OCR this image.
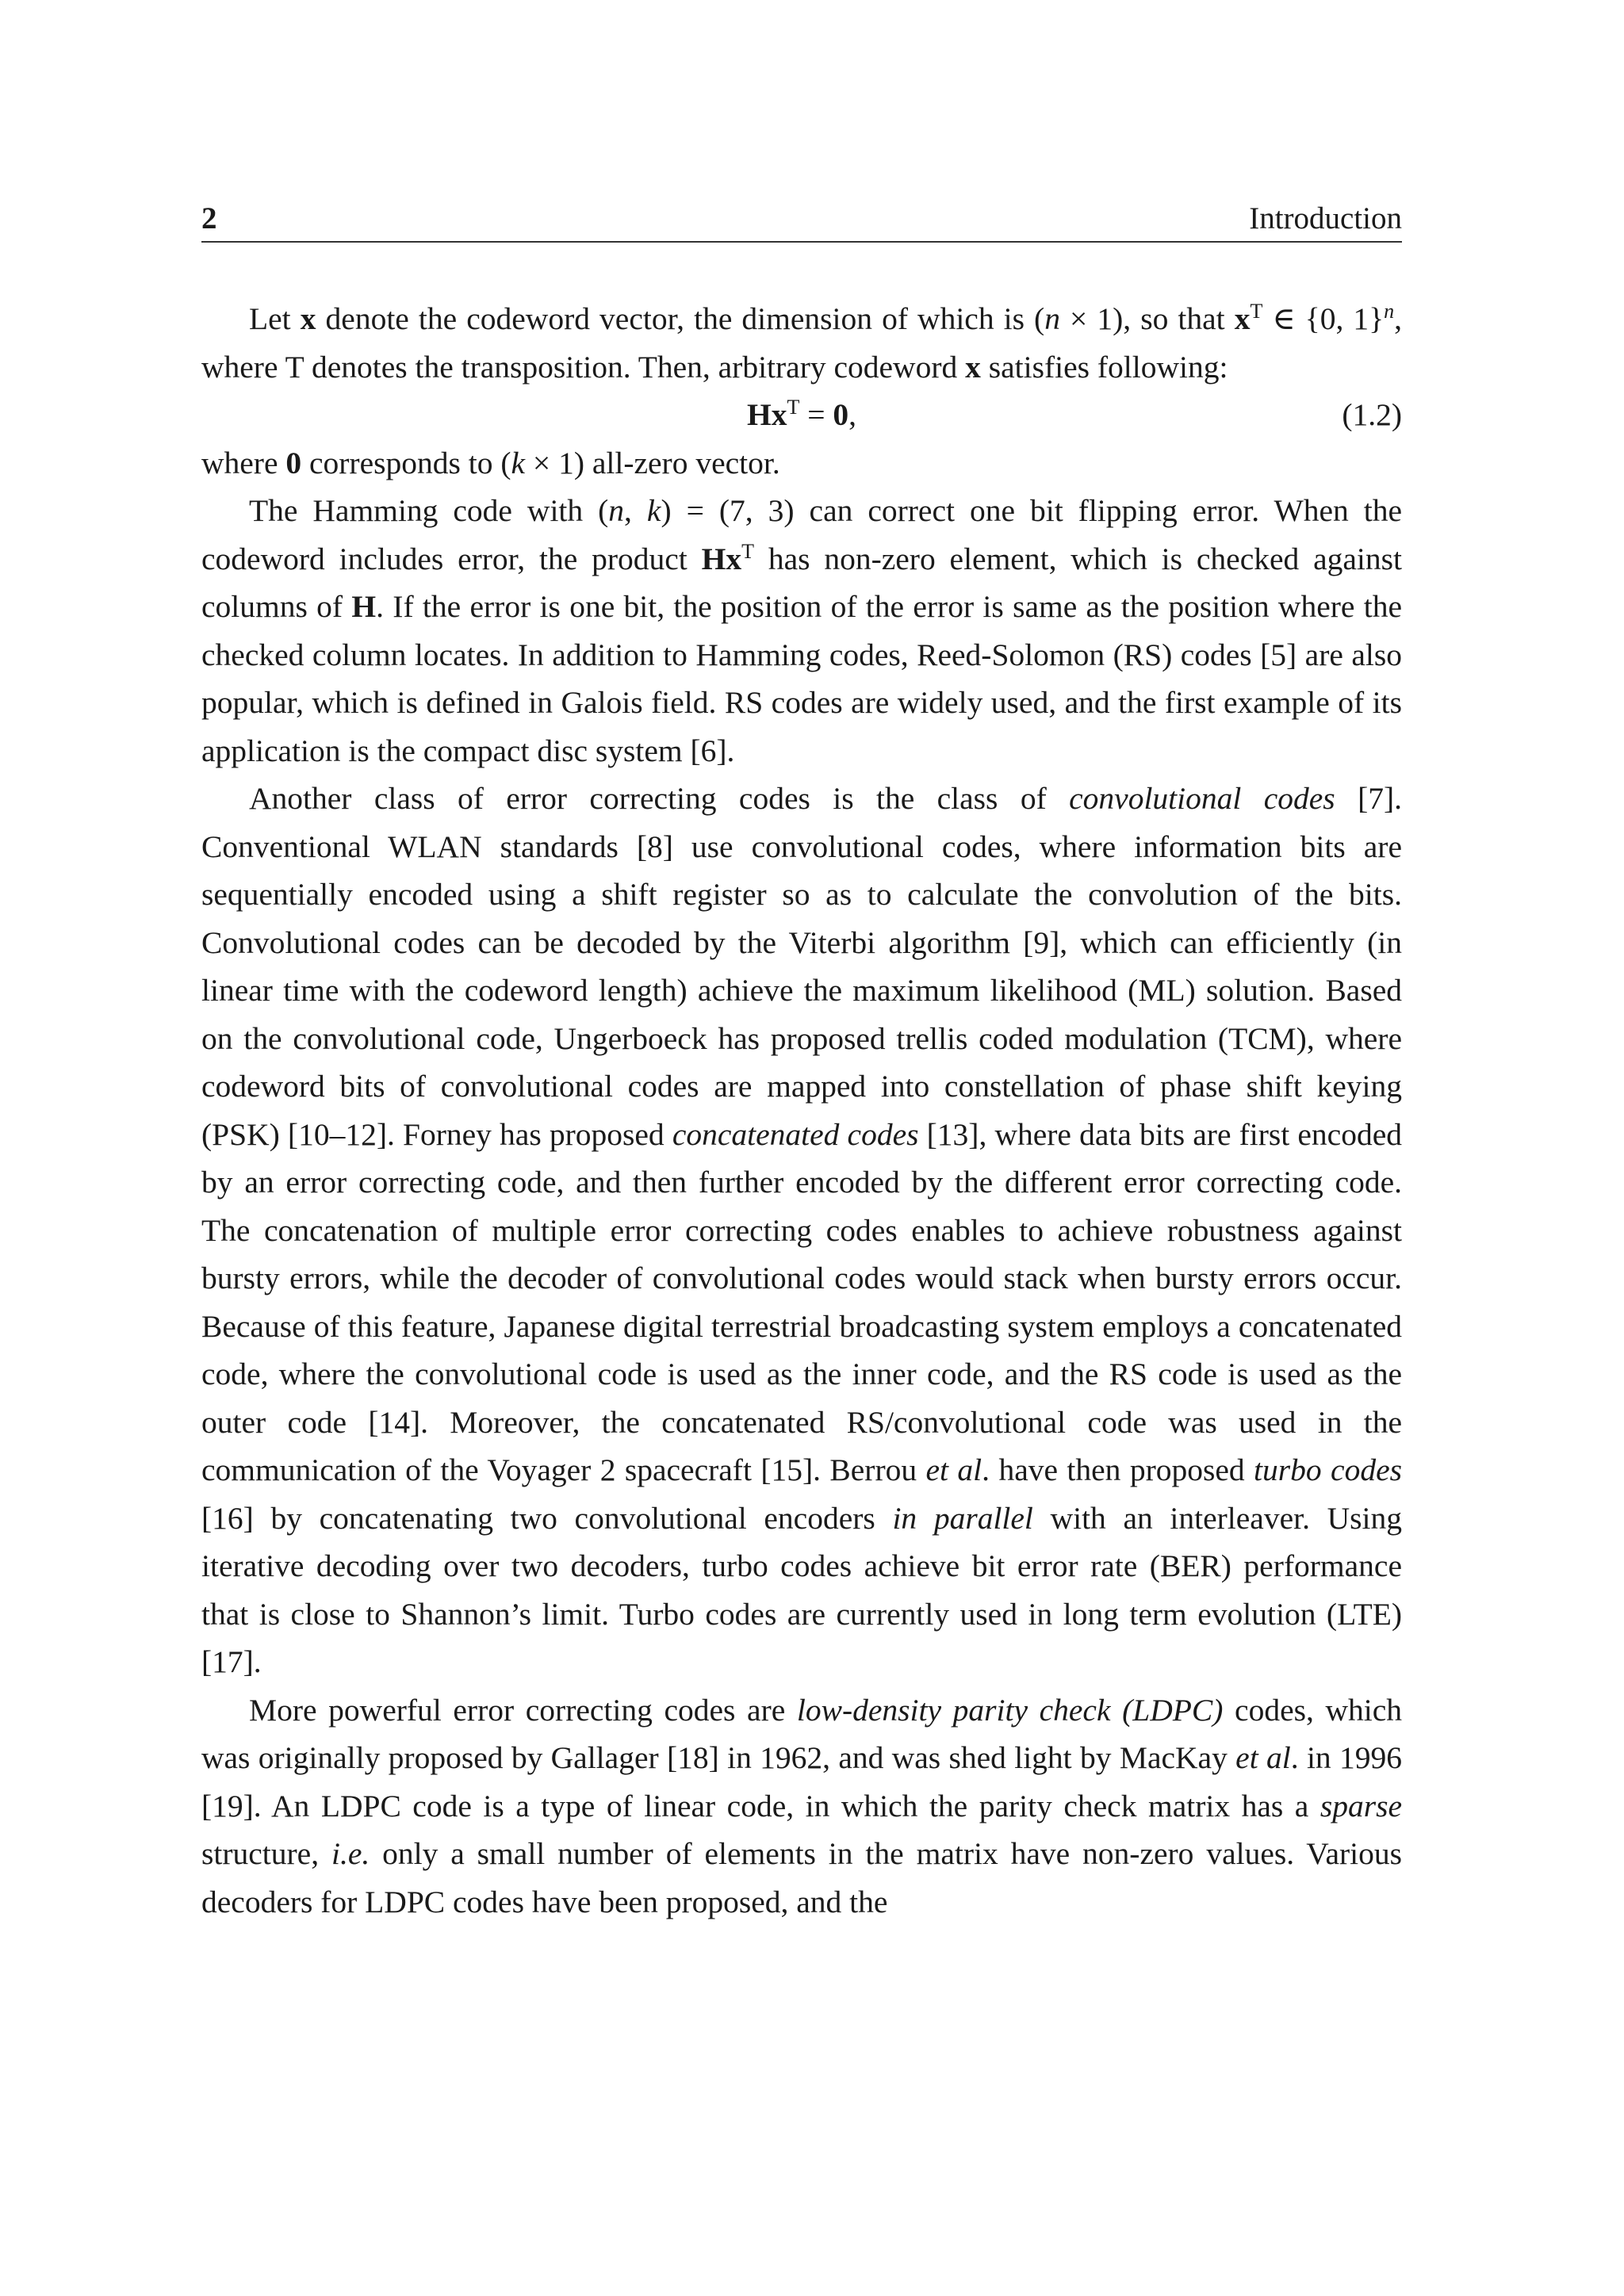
2	Introduction

Let x denote the codeword vector, the dimension of which is (n × 1), so that $x^T$ ∈ {0, 1}$^n$, where T denotes the transposition. Then, arbitrary codeword x satisfies following:

$Hx^T = 0$,	(1.2)

where 0 corresponds to (k × 1) all-zero vector.

The Hamming code with (n, k) = (7, 3) can correct one bit flipping error. When the codeword includes error, the product $Hx^T$ has non-zero element, which is checked against columns of H. If the error is one bit, the position of the error is same as the position where the checked column locates. In addition to Hamming codes, Reed-Solomon (RS) codes [5] are also popular, which is defined in Galois field. RS codes are widely used, and the first example of its application is the compact disc system [6].

Another class of error correcting codes is the class of convolutional codes [7]. Conventional WLAN standards [8] use convolutional codes, where information bits are sequentially encoded using a shift register so as to calculate the convolution of the bits. Convolutional codes can be decoded by the Viterbi algorithm [9], which can efficiently (in linear time with the codeword length) achieve the maximum likelihood (ML) solution. Based on the convolutional code, Ungerboeck has proposed trellis coded modulation (TCM), where codeword bits of convolutional codes are mapped into constellation of phase shift keying (PSK) [10–12]. Forney has proposed concatenated codes [13], where data bits are first encoded by an error correcting code, and then further encoded by the different error correcting code. The concatenation of multiple error correcting codes enables to achieve robustness against bursty errors, while the decoder of convolutional codes would stack when bursty errors occur. Because of this feature, Japanese digital terrestrial broadcasting system employs a concatenated code, where the convolutional code is used as the inner code, and the RS code is used as the outer code [14]. Moreover, the concatenated RS/convolutional code was used in the communication of the Voyager 2 spacecraft [15]. Berrou et al. have then proposed turbo codes [16] by concatenating two convolutional encoders in parallel with an interleaver. Using iterative decoding over two decoders, turbo codes achieve bit error rate (BER) performance that is close to Shannon’s limit. Turbo codes are currently used in long term evolution (LTE) [17].

More powerful error correcting codes are low-density parity check (LDPC) codes, which was originally proposed by Gallager [18] in 1962, and was shed light by MacKay et al. in 1996 [19]. An LDPC code is a type of linear code, in which the parity check matrix has a sparse structure, i.e. only a small number of elements in the matrix have non-zero values. Various decoders for LDPC codes have been proposed, and the
